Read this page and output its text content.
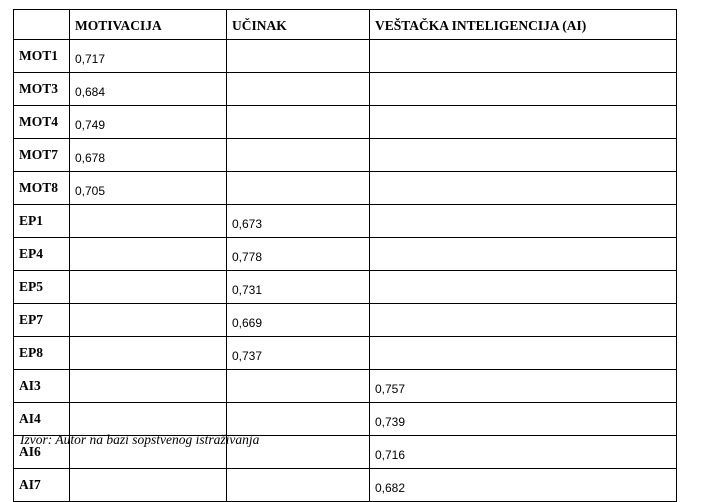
	MOTIVACIJA	UČINAK	VEŠTAČKA INTELIGENCIJA (AI)
MOT1	0,717		
MOT3	0,684		
MOT4	0,749		
MOT7	0,678		
MOT8	0,705		
EP1		0,673	
EP4		0,778	
EP5		0,731	
EP7		0,669	
EP8		0,737	
AI3			0,757
AI4			0,739
AI6			0,716
AI7			0,682
Izvor: Autor na bazi sopstvenog istraživanja
